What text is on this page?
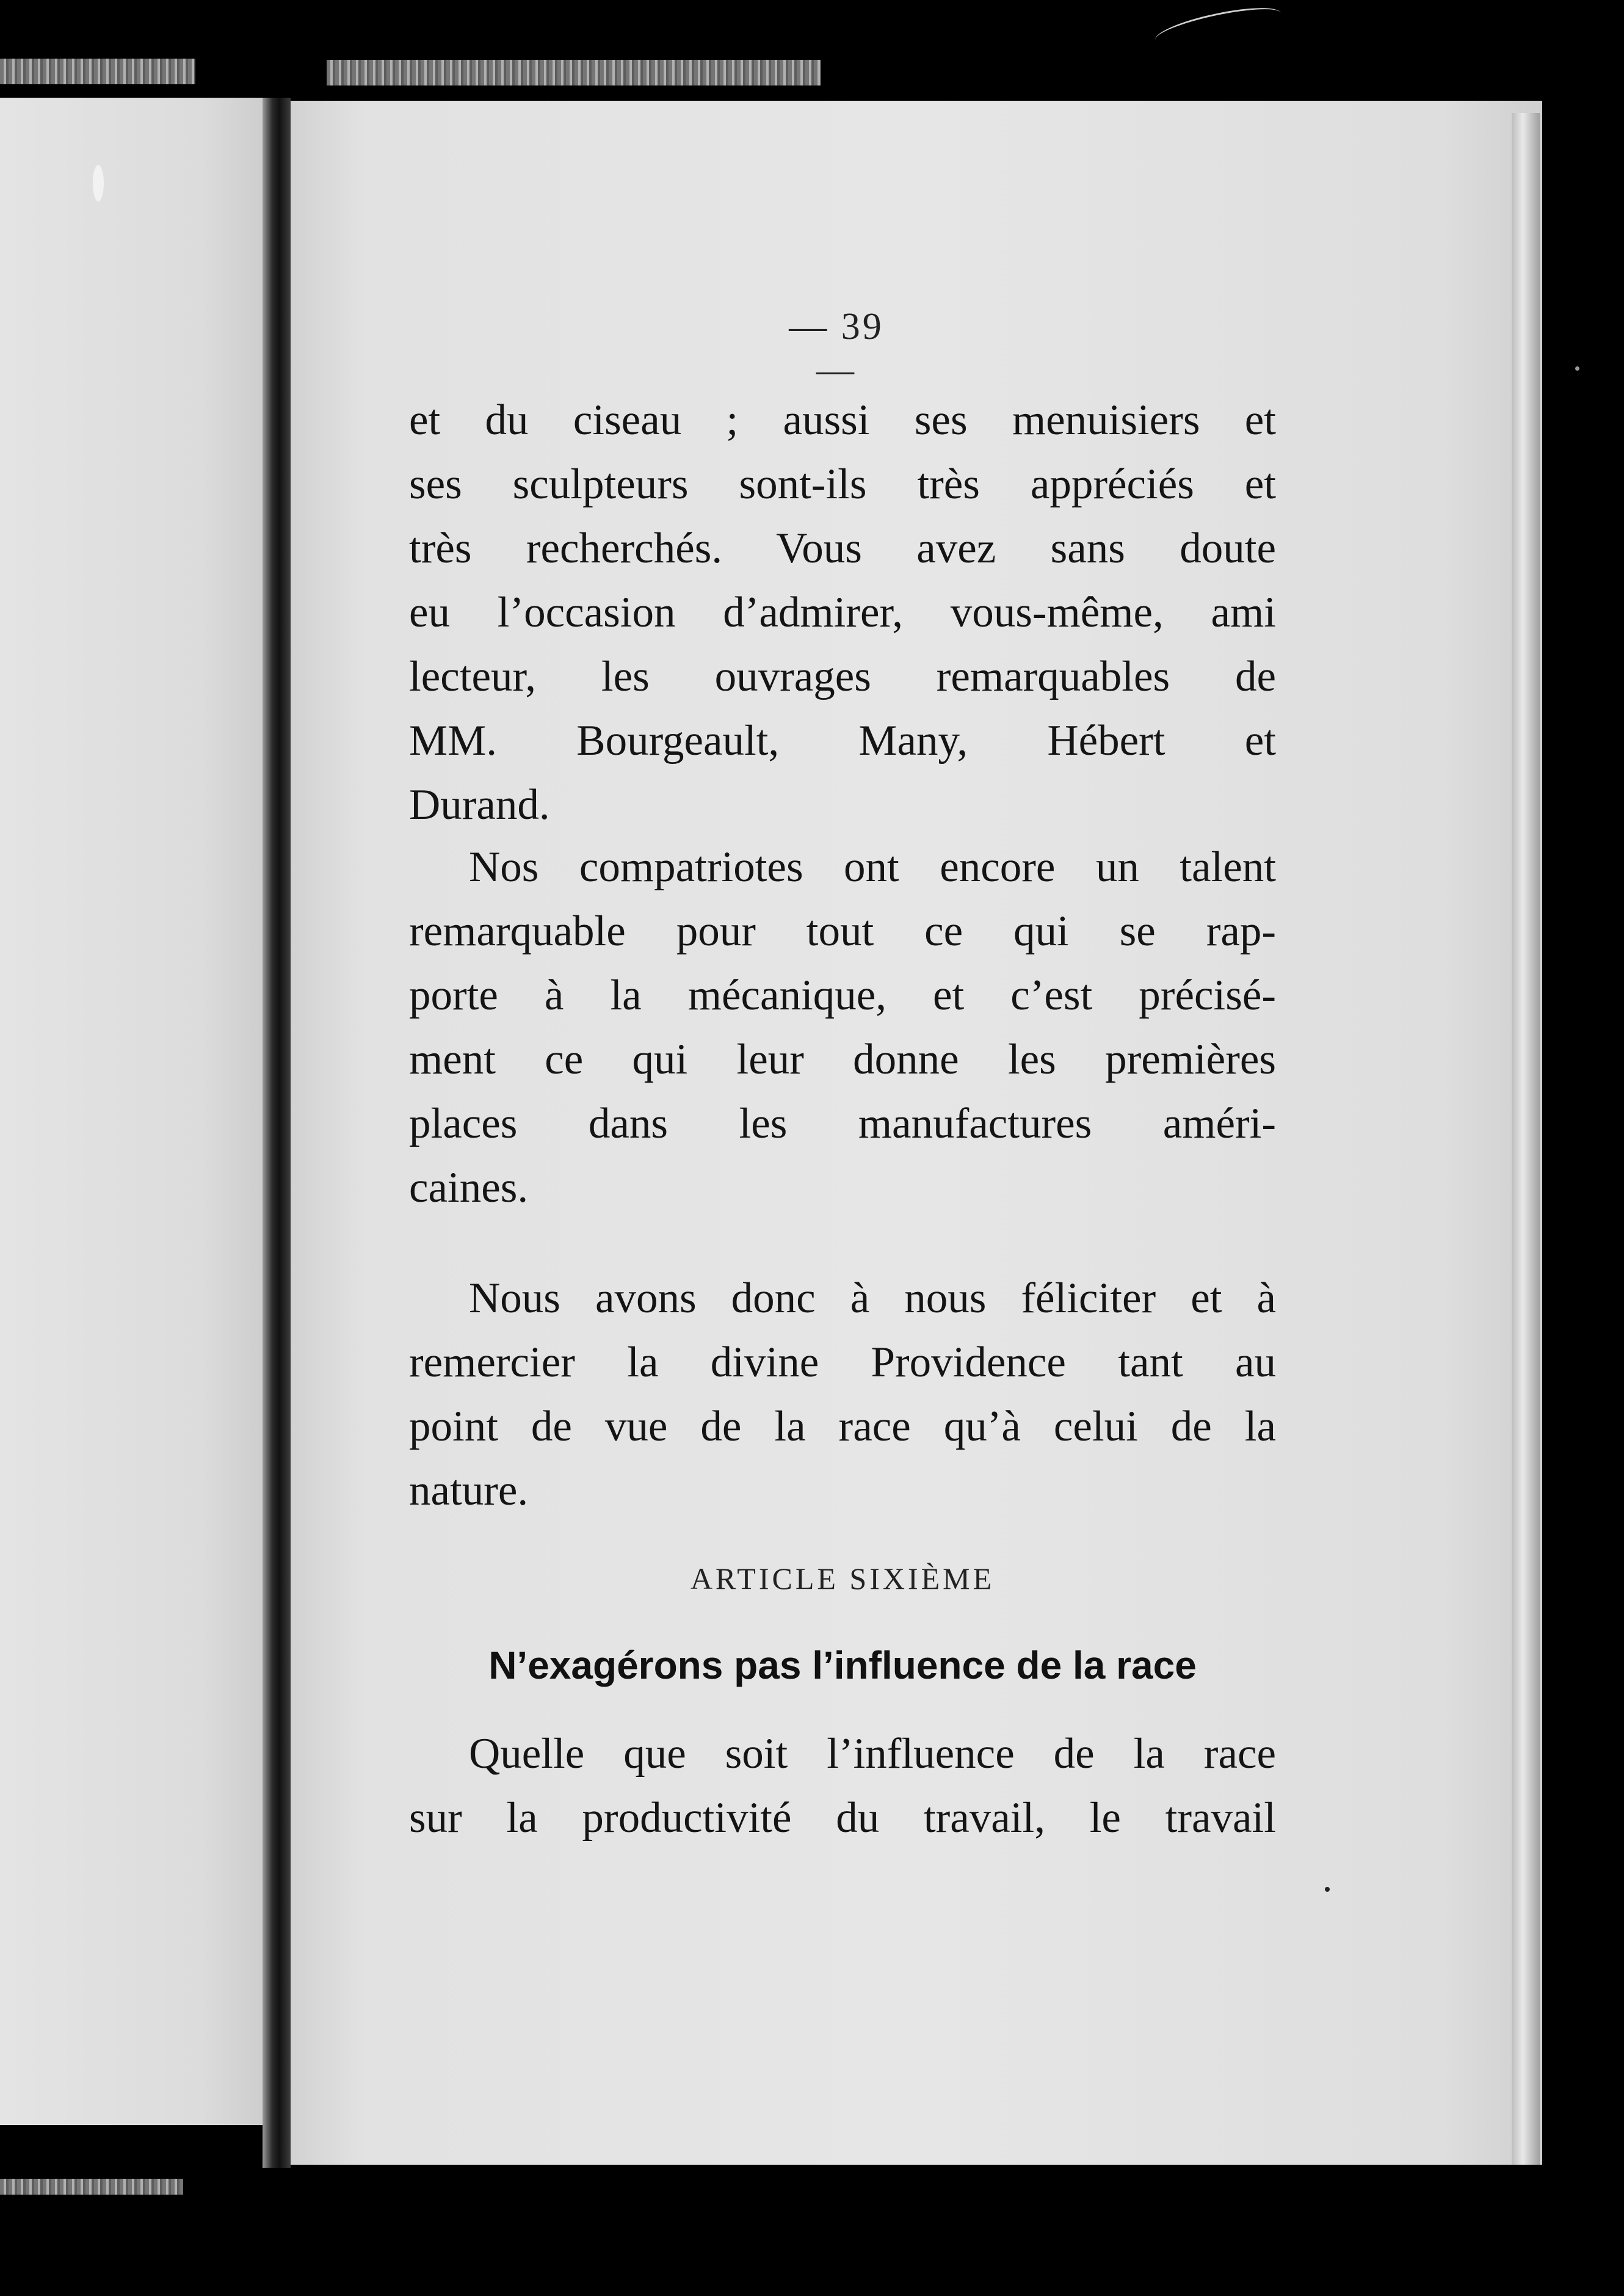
— 39 —
et du ciseau ; aussi ses menuisiers et
ses sculpteurs sont-ils très appréciés et
très recherchés. Vous avez sans doute
eu l’occasion d’admirer, vous-même, ami
lecteur, les ouvrages remarquables de
MM. Bourgeault, Many, Hébert et
Durand.
Nos compatriotes ont encore un talent
remarquable pour tout ce qui se rap-
porte à la mécanique, et c’est précisé-
ment ce qui leur donne les premières
places dans les manufactures améri-
caines.
Nous avons donc à nous féliciter et à
remercier la divine Providence tant au
point de vue de la race qu’à celui de la
nature.
ARTICLE SIXIÈME
N’exagérons pas l’influence de la race
Quelle que soit l’influence de la race
sur la productivité du travail, le travail
